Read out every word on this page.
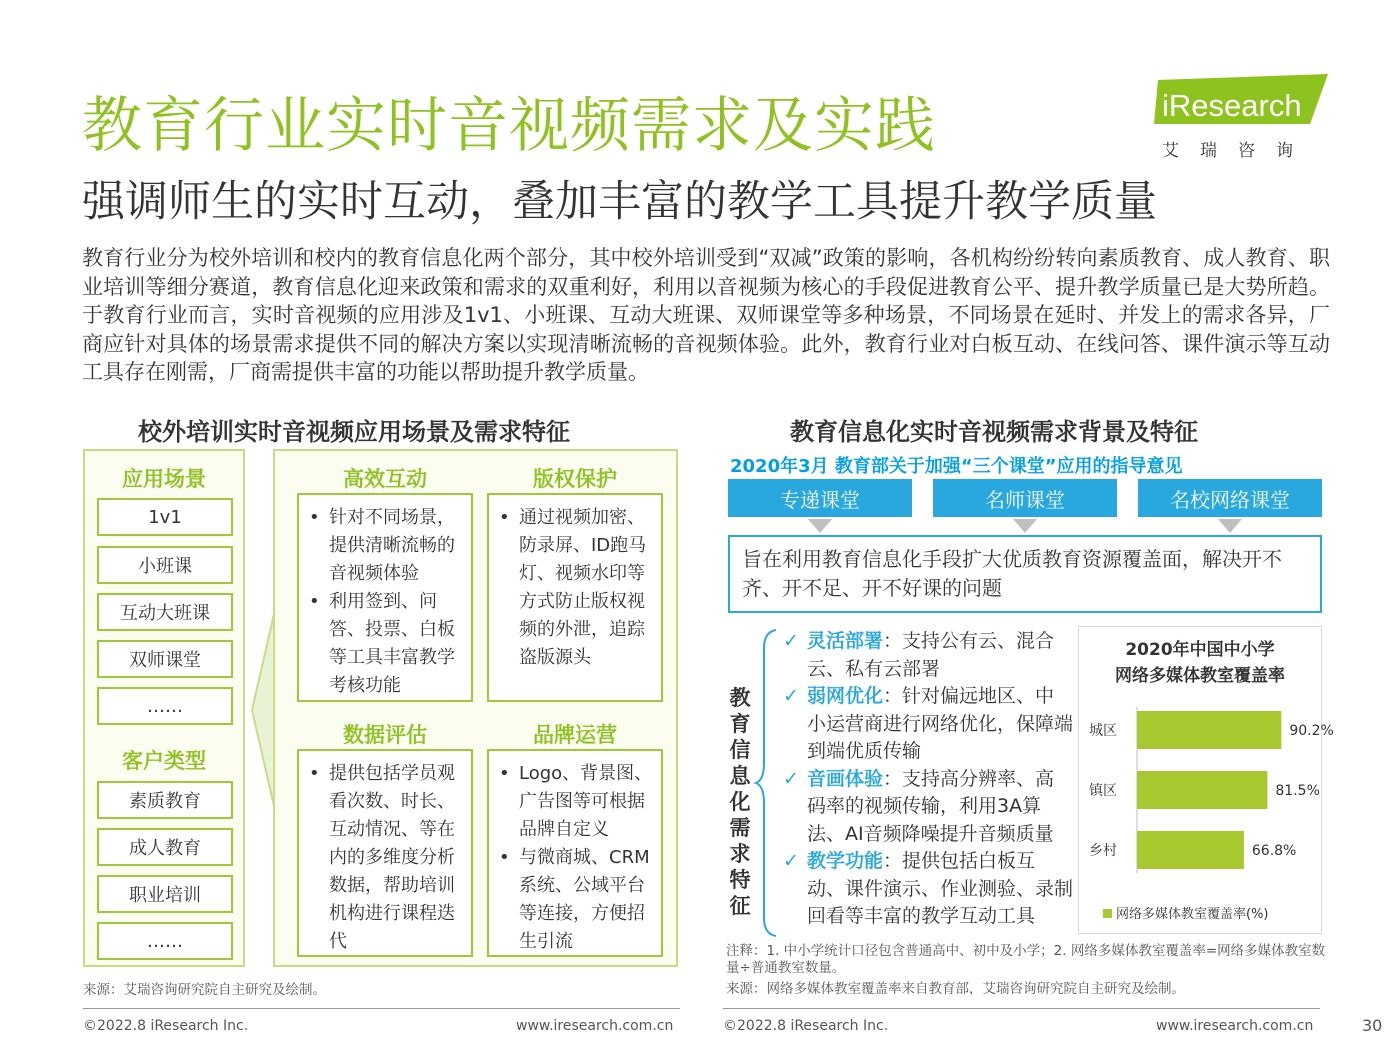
教育行业实时音视频需求及实践
强调师生的实时互动，叠加丰富的教学工具提升教学质量
iResearch
艾瑞咨询
教育行业分为校外培训和校内的教育信息化两个部分，其中校外培训受到“双减”政策的影响，各机构纷纷转向素质教育、成人教育、职业培训等细分赛道，教育信息化迎来政策和需求的双重利好，利用以音视频为核心的手段促进教育公平、提升教学质量已是大势所趋。于教育行业而言，实时音视频的应用涉及1v1、小班课、互动大班课、双师课堂等多种场景，不同场景在延时、并发上的需求各异，厂商应针对具体的场景需求提供不同的解决方案以实现清晰流畅的音视频体验。此外，教育行业对白板互动、在线问答、课件演示等互动工具存在刚需，厂商需提供丰富的功能以帮助提升教学质量。
校外培训实时音视频应用场景及需求特征
应用场景
1v1
小班课
互动大班课
双师课堂
……
客户类型
素质教育
成人教育
职业培训
……
高效互动	版权保护
• 针对不同场景，提供清晰流畅的音视频体验
• 利用签到、问答、投票、白板等工具丰富教学考核功能
• 通过视频加密、防录屏、ID跑马灯、视频水印等方式防止版权视频的外泄，追踪盗版源头
数据评估	品牌运营
• 提供包括学员观看次数、时长、互动情况、等在内的多维度分析数据，帮助培训机构进行课程迭代
• Logo、背景图、广告图等可根据品牌自定义
• 与微商城、CRM系统、公域平台等连接，方便招生引流
来源：艾瑞咨询研究院自主研究及绘制。
教育信息化实时音视频需求背景及特征
2020年3月 教育部关于加强“三个课堂”应用的指导意见
专递课堂	名师课堂	名校网络课堂
旨在利用教育信息化手段扩大优质教育资源覆盖面，解决开不齐、开不足、开不好课的问题
教育信息化需求特征
✓ 灵活部署：支持公有云、混合云、私有云部署
✓ 弱网优化：针对偏远地区、中小运营商进行网络优化，保障端到端优质传输
✓ 音画体验：支持高分辨率、高码率的视频传输，利用3A算法、AI音频降噪提升音频质量
✓ 教学功能：提供包括白板互动、课件演示、作业测验、录制回看等丰富的教学互动工具
2020年中国中小学
网络多媒体教室覆盖率
城区	90.2%
镇区	81.5%
乡村	66.8%
网络多媒体教室覆盖率(%)
注释：1. 中小学统计口径包含普通高中、初中及小学；2. 网络多媒体教室覆盖率=网络多媒体教室数量÷普通教室数量。
来源：网络多媒体教室覆盖率来自教育部，艾瑞咨询研究院自主研究及绘制。
©2022.8 iResearch Inc.	www.iresearch.com.cn	©2022.8 iResearch Inc.	www.iresearch.com.cn	30
